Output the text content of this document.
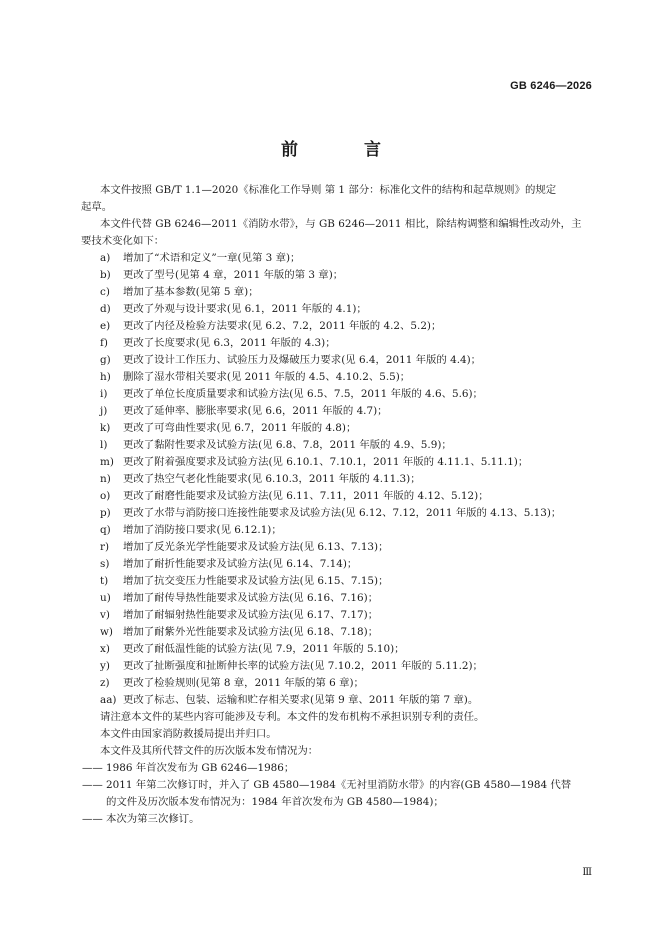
GB 6246—2026
前 言
本文件按照 GB/T 1.1—2020《标准化工作导则 第 1 部分：标准化文件的结构和起草规则》的规定
起草。
本文件代替 GB 6246—2011《消防水带》，与 GB 6246—2011 相比，除结构调整和编辑性改动外，主
要技术变化如下：
a)	增加了“术语和定义”一章(见第 3 章)；
b)	更改了型号(见第 4 章，2011 年版的第 3 章)；
c)	增加了基本参数(见第 5 章)；
d)	更改了外观与设计要求(见 6.1，2011 年版的 4.1)；
e)	更改了内径及检验方法要求(见 6.2、7.2，2011 年版的 4.2、5.2)；
f)	更改了长度要求(见 6.3，2011 年版的 4.3)；
g)	更改了设计工作压力、试验压力及爆破压力要求(见 6.4，2011 年版的 4.4)；
h)	删除了湿水带相关要求(见 2011 年版的 4.5、4.10.2、5.5)；
i)	更改了单位长度质量要求和试验方法(见 6.5、7.5，2011 年版的 4.6、5.6)；
j)	更改了延伸率、膨胀率要求(见 6.6，2011 年版的 4.7)；
k)	更改了可弯曲性要求(见 6.7，2011 年版的 4.8)；
l)	更改了黏附性要求及试验方法(见 6.8、7.8，2011 年版的 4.9、5.9)；
m) 更改了附着强度要求及试验方法(见 6.10.1、7.10.1，2011 年版的 4.11.1、5.11.1)；
n)	更改了热空气老化性能要求(见 6.10.3，2011 年版的 4.11.3)；
o)	更改了耐磨性能要求及试验方法(见 6.11、7.11，2011 年版的 4.12、5.12)；
p)	更改了水带与消防接口连接性能要求及试验方法(见 6.12、7.12，2011 年版的 4.13、5.13)；
q)	增加了消防接口要求(见 6.12.1)；
r)	增加了反光条光学性能要求及试验方法(见 6.13、7.13)；
s)	增加了耐折性能要求及试验方法(见 6.14、7.14)；
t)	增加了抗交变压力性能要求及试验方法(见 6.15、7.15)；
u)	增加了耐传导热性能要求及试验方法(见 6.16、7.16)；
v)	增加了耐辐射热性能要求及试验方法(见 6.17、7.17)；
w) 增加了耐紫外光性能要求及试验方法(见 6.18、7.18)；
x)	更改了耐低温性能的试验方法(见 7.9，2011 年版的 5.10)；
y)	更改了扯断强度和扯断伸长率的试验方法(见 7.10.2，2011 年版的 5.11.2)；
z)	更改了检验规则(见第 8 章，2011 年版的第 6 章)；
aa) 更改了标志、包装、运输和贮存相关要求(见第 9 章、2011 年版的第 7 章)。

请注意本文件的某些内容可能涉及专利。本文件的发布机构不承担识别专利的责任。

本文件由国家消防救援局提出并归口。

本文件及其所代替文件的历次版本发布情况为：

—— 1986 年首次发布为 GB 6246—1986；
—— 2011 年第二次修订时，并入了 GB 4580—1984《无衬里消防水带》的内容(GB 4580—1984 代替
的文件及历次版本发布情况为：1984 年首次发布为 GB 4580—1984)；
—— 本次为第三次修订。
Ⅲ
